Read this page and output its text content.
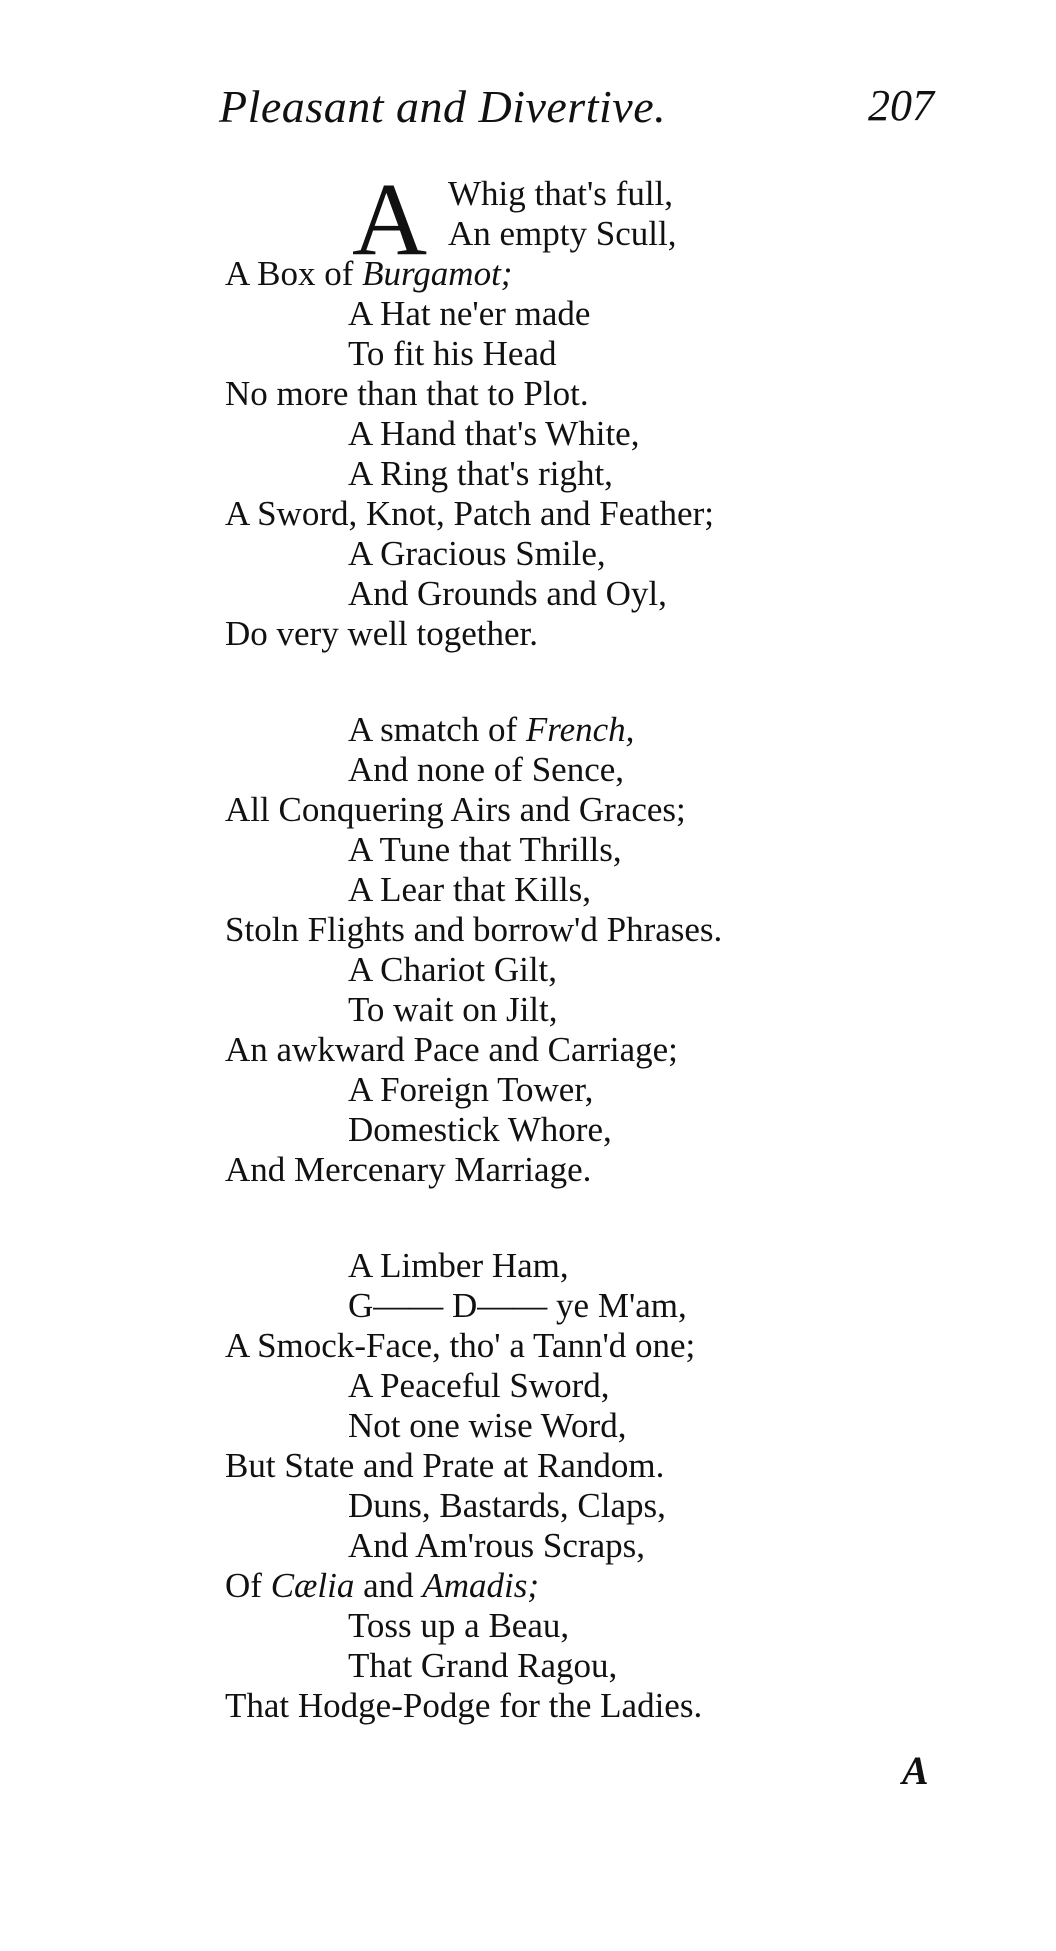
Pleasant and Divertive.	207
A Whig that's full,
An empty Scull,
A Box of Burgamot;
A Hat ne'er made
To fit his Head
No more than that to Plot.
A Hand that's White,
A Ring that's right,
A Sword, Knot, Patch and Feather;
A Gracious Smile,
And Grounds and Oyl,
Do very well together.
A smatch of French,
And none of Sence,
All Conquering Airs and Graces;
A Tune that Thrills,
A Lear that Kills,
Stoln Flights and borrow'd Phrases.
A Chariot Gilt,
To wait on Jilt,
An awkward Pace and Carriage;
A Foreign Tower,
Domestick Whore,
And Mercenary Marriage.
A Limber Ham,
G—— D—— ye M'am,
A Smock-Face, tho' a Tann'd one;
A Peaceful Sword,
Not one wise Word,
But State and Prate at Random.
Duns, Bastards, Claps,
And Am'rous Scraps,
Of Cælia and Amadis;
Toss up a Beau,
That Grand Ragou,
That Hodge-Podge for the Ladies.
A
